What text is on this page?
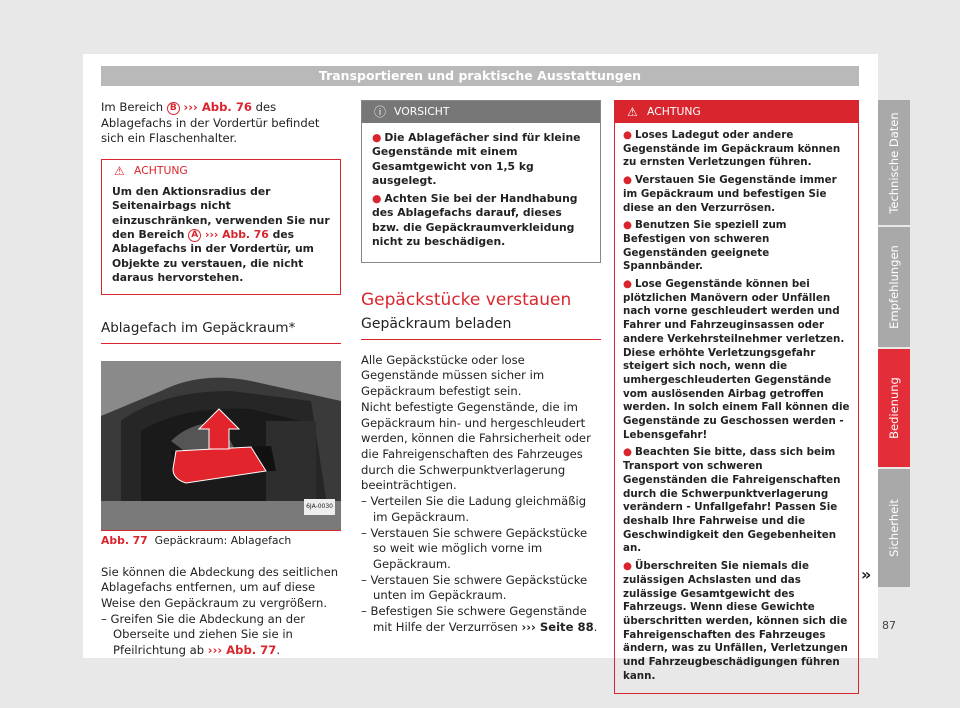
Transportieren und praktische Ausstattungen

Im Bereich B ››› Abb. 76 des Ablagefachs in der Vordertür befindet sich ein Flaschenhalter.

⚠ ACHTUNG
Um den Aktionsradius der Seitenairbags nicht einzuschränken, verwenden Sie nur den Bereich A ››› Abb. 76 des Ablagefachs in der Vordertür, um Objekte zu verstauen, die nicht daraus hervorstehen.
Ablagefach im Gepäckraum*
6JA-0030
Abb. 77 Gepäckraum: Ablagefach

Sie können die Abdeckung des seitlichen Ablagefachs entfernen, um auf diese Weise den Gepäckraum zu vergrößern.

– Greifen Sie die Abdeckung an der Oberseite und ziehen Sie sie in Pfeilrichtung ab ››› Abb. 77.

ⓘ VORSICHT
● Die Ablagefächer sind für kleine Gegenstände mit einem Gesamtgewicht von 1,5 kg ausgelegt.
● Achten Sie bei der Handhabung des Ablagefachs darauf, dieses bzw. die Gepäckraumverkleidung nicht zu beschädigen.
Gepäckstücke verstauen
Gepäckraum beladen

Alle Gepäckstücke oder lose Gegenstände müssen sicher im Gepäckraum befestigt sein.

Nicht befestigte Gegenstände, die im Gepäckraum hin- und hergeschleudert werden, können die Fahrsicherheit oder die Fahreigenschaften des Fahrzeuges durch die Schwerpunktverlagerung beeinträchtigen.

– Verteilen Sie die Ladung gleichmäßig im Gepäckraum.

– Verstauen Sie schwere Gepäckstücke so weit wie möglich vorne im Gepäckraum.

– Verstauen Sie schwere Gepäckstücke unten im Gepäckraum.

– Befestigen Sie schwere Gegenstände mit Hilfe der Verzurrösen ››› Seite 88.

⚠ ACHTUNG
● Loses Ladegut oder andere Gegenstände im Gepäckraum können zu ernsten Verletzungen führen.
● Verstauen Sie Gegenstände immer im Gepäckraum und befestigen Sie diese an den Verzurrösen.
● Benutzen Sie speziell zum Befestigen von schweren Gegenständen geeignete Spannbänder.
● Lose Gegenstände können bei plötzlichen Manövern oder Unfällen nach vorne geschleudert werden und Fahrer und Fahrzeuginsassen oder andere Verkehrsteilnehmer verletzen. Diese erhöhte Verletzungsgefahr steigert sich noch, wenn die umhergeschleuderten Gegenstände vom auslösenden Airbag getroffen werden. In solch einem Fall können die Gegenstände zu Geschossen werden - Lebensgefahr!
● Beachten Sie bitte, dass sich beim Transport von schweren Gegenständen die Fahreigenschaften durch die Schwerpunktverlagerung verändern - Unfallgefahr! Passen Sie deshalb Ihre Fahrweise und die Geschwindigkeit den Gegebenheiten an.
● Überschreiten Sie niemals die zulässigen Achslasten und das zulässige Gesamtgewicht des Fahrzeugs. Wenn diese Gewichte überschritten werden, können sich die Fahreigenschaften des Fahrzeuges ändern, was zu Unfällen, Verletzungen und Fahrzeugbeschädigungen führen kann.
»
Technische Daten
Empfehlungen
Bedienung
Sicherheit
87
